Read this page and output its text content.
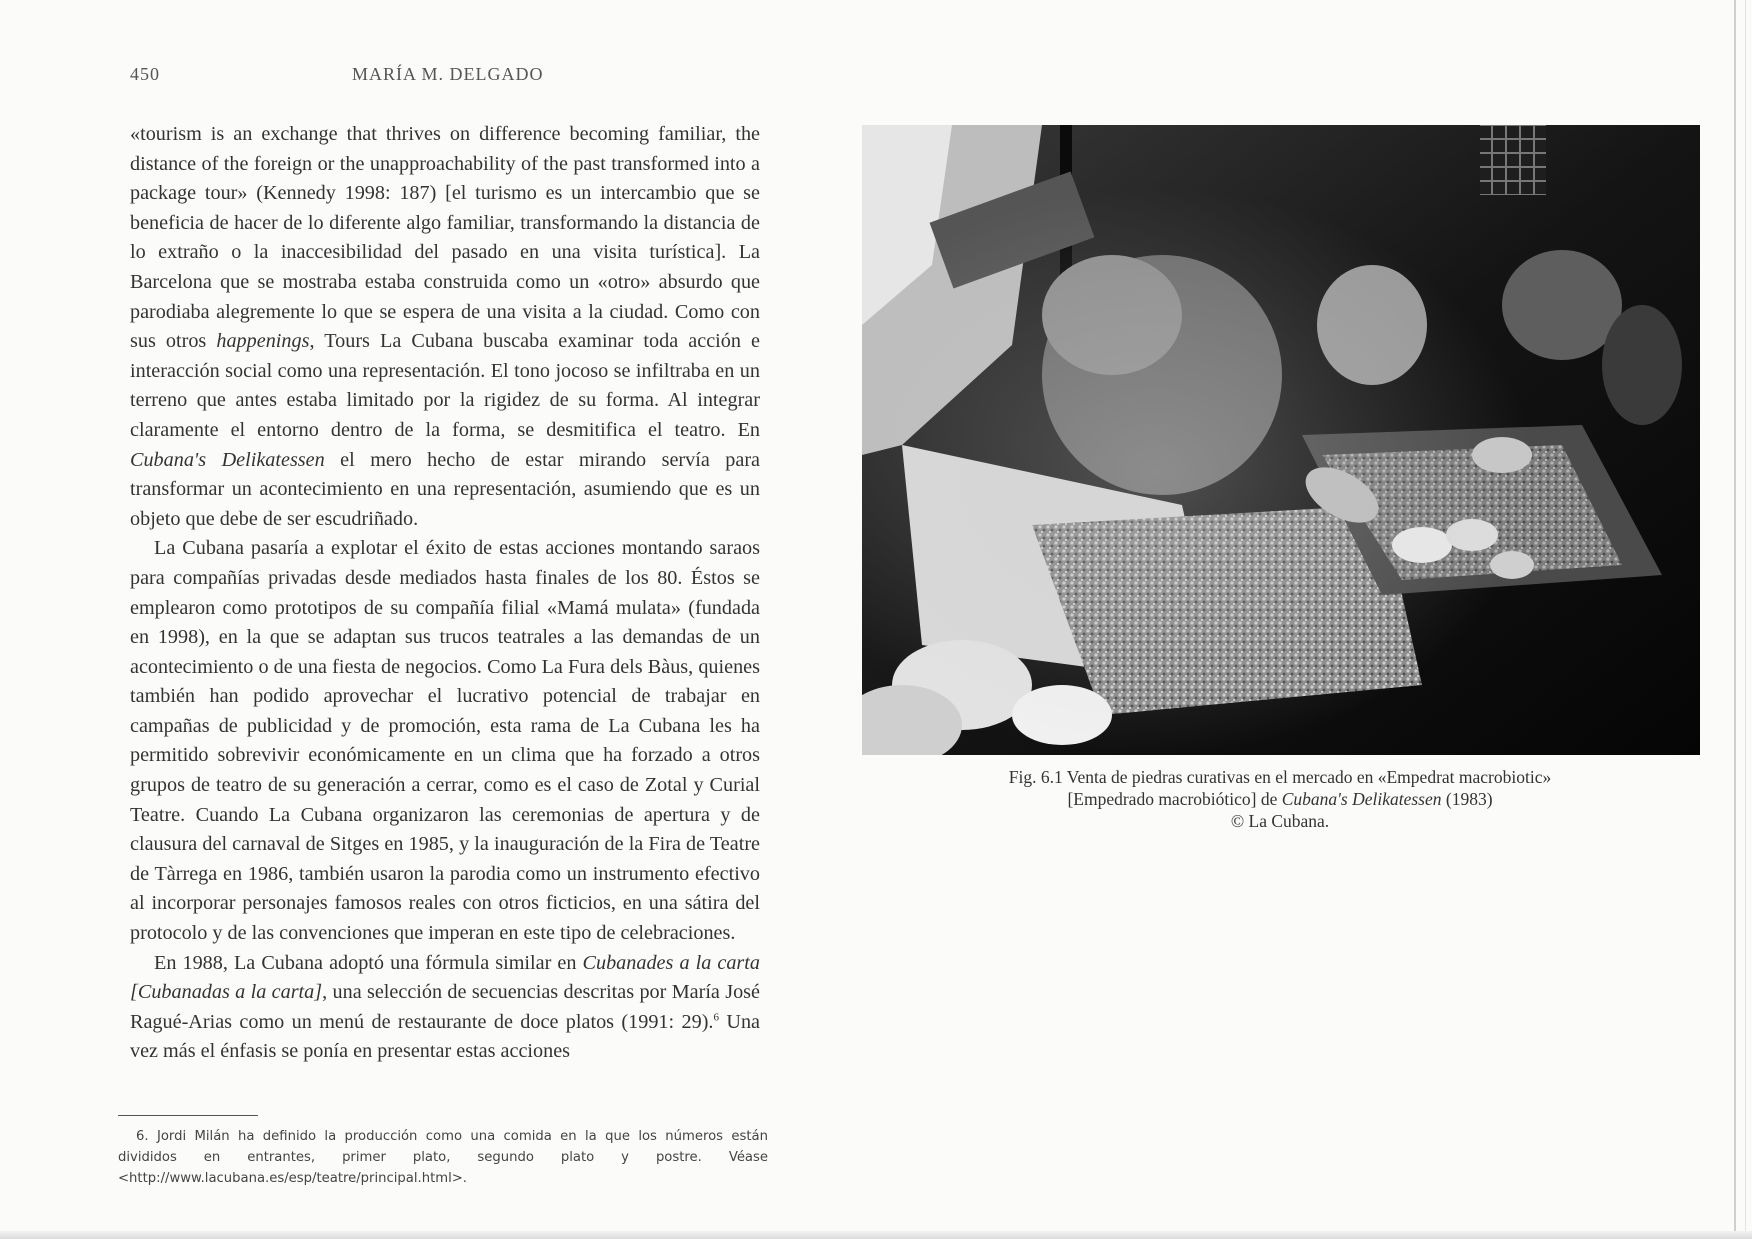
450	MARÍA M. DELGADO

«tourism is an exchange that thrives on difference becoming familiar, the distance of the foreign or the unapproachability of the past transformed into a package tour» (Kennedy 1998: 187) [el turismo es un intercambio que se beneficia de hacer de lo diferente algo familiar, transformando la distancia de lo extraño o la inaccesibilidad del pasado en una visita turística]. La Barcelona que se mostraba estaba construida como un «otro» absurdo que parodiaba alegremente lo que se espera de una visita a la ciudad. Como con sus otros happenings, Tours La Cubana buscaba examinar toda acción e interacción social como una representación. El tono jocoso se infiltraba en un terreno que antes estaba limitado por la rigidez de su forma. Al integrar claramente el entorno dentro de la forma, se desmitifica el teatro. En Cubana's Delikatessen el mero hecho de estar mirando servía para transformar un acontecimiento en una representación, asumiendo que es un objeto que debe de ser escudriñado.

La Cubana pasaría a explotar el éxito de estas acciones montando saraos para compañías privadas desde mediados hasta finales de los 80. Éstos se emplearon como prototipos de su compañía filial «Mamá mulata» (fundada en 1998), en la que se adaptan sus trucos teatrales a las demandas de un acontecimiento o de una fiesta de negocios. Como La Fura dels Bàus, quienes también han podido aprovechar el lucrativo potencial de trabajar en campañas de publicidad y de promoción, esta rama de La Cubana les ha permitido sobrevivir económicamente en un clima que ha forzado a otros grupos de teatro de su generación a cerrar, como es el caso de Zotal y Curial Teatre. Cuando La Cubana organizaron las ceremonias de apertura y de clausura del carnaval de Sitges en 1985, y la inauguración de la Fira de Teatre de Tàrrega en 1986, también usaron la parodia como un instrumento efectivo al incorporar personajes famosos reales con otros ficticios, en una sátira del protocolo y de las convenciones que imperan en este tipo de celebraciones.

En 1988, La Cubana adoptó una fórmula similar en Cubanades a la carta [Cubanadas a la carta], una selección de secuencias descritas por María José Ragué-Arias como un menú de restaurante de doce platos (1991: 29).$^6$ Una vez más el énfasis se ponía en presentar estas acciones

6. Jordi Milán ha definido la producción como una comida en la que los números están divididos en entrantes, primer plato, segundo plato y postre. Véase <http://www.lacubana.es/esp/teatre/principal.html>.

Fig. 6.1 Venta de piedras curativas en el mercado en «Empedrat macrobiotic»
[Empedrado macrobiótico] de Cubana's Delikatessen (1983)
© La Cubana.
